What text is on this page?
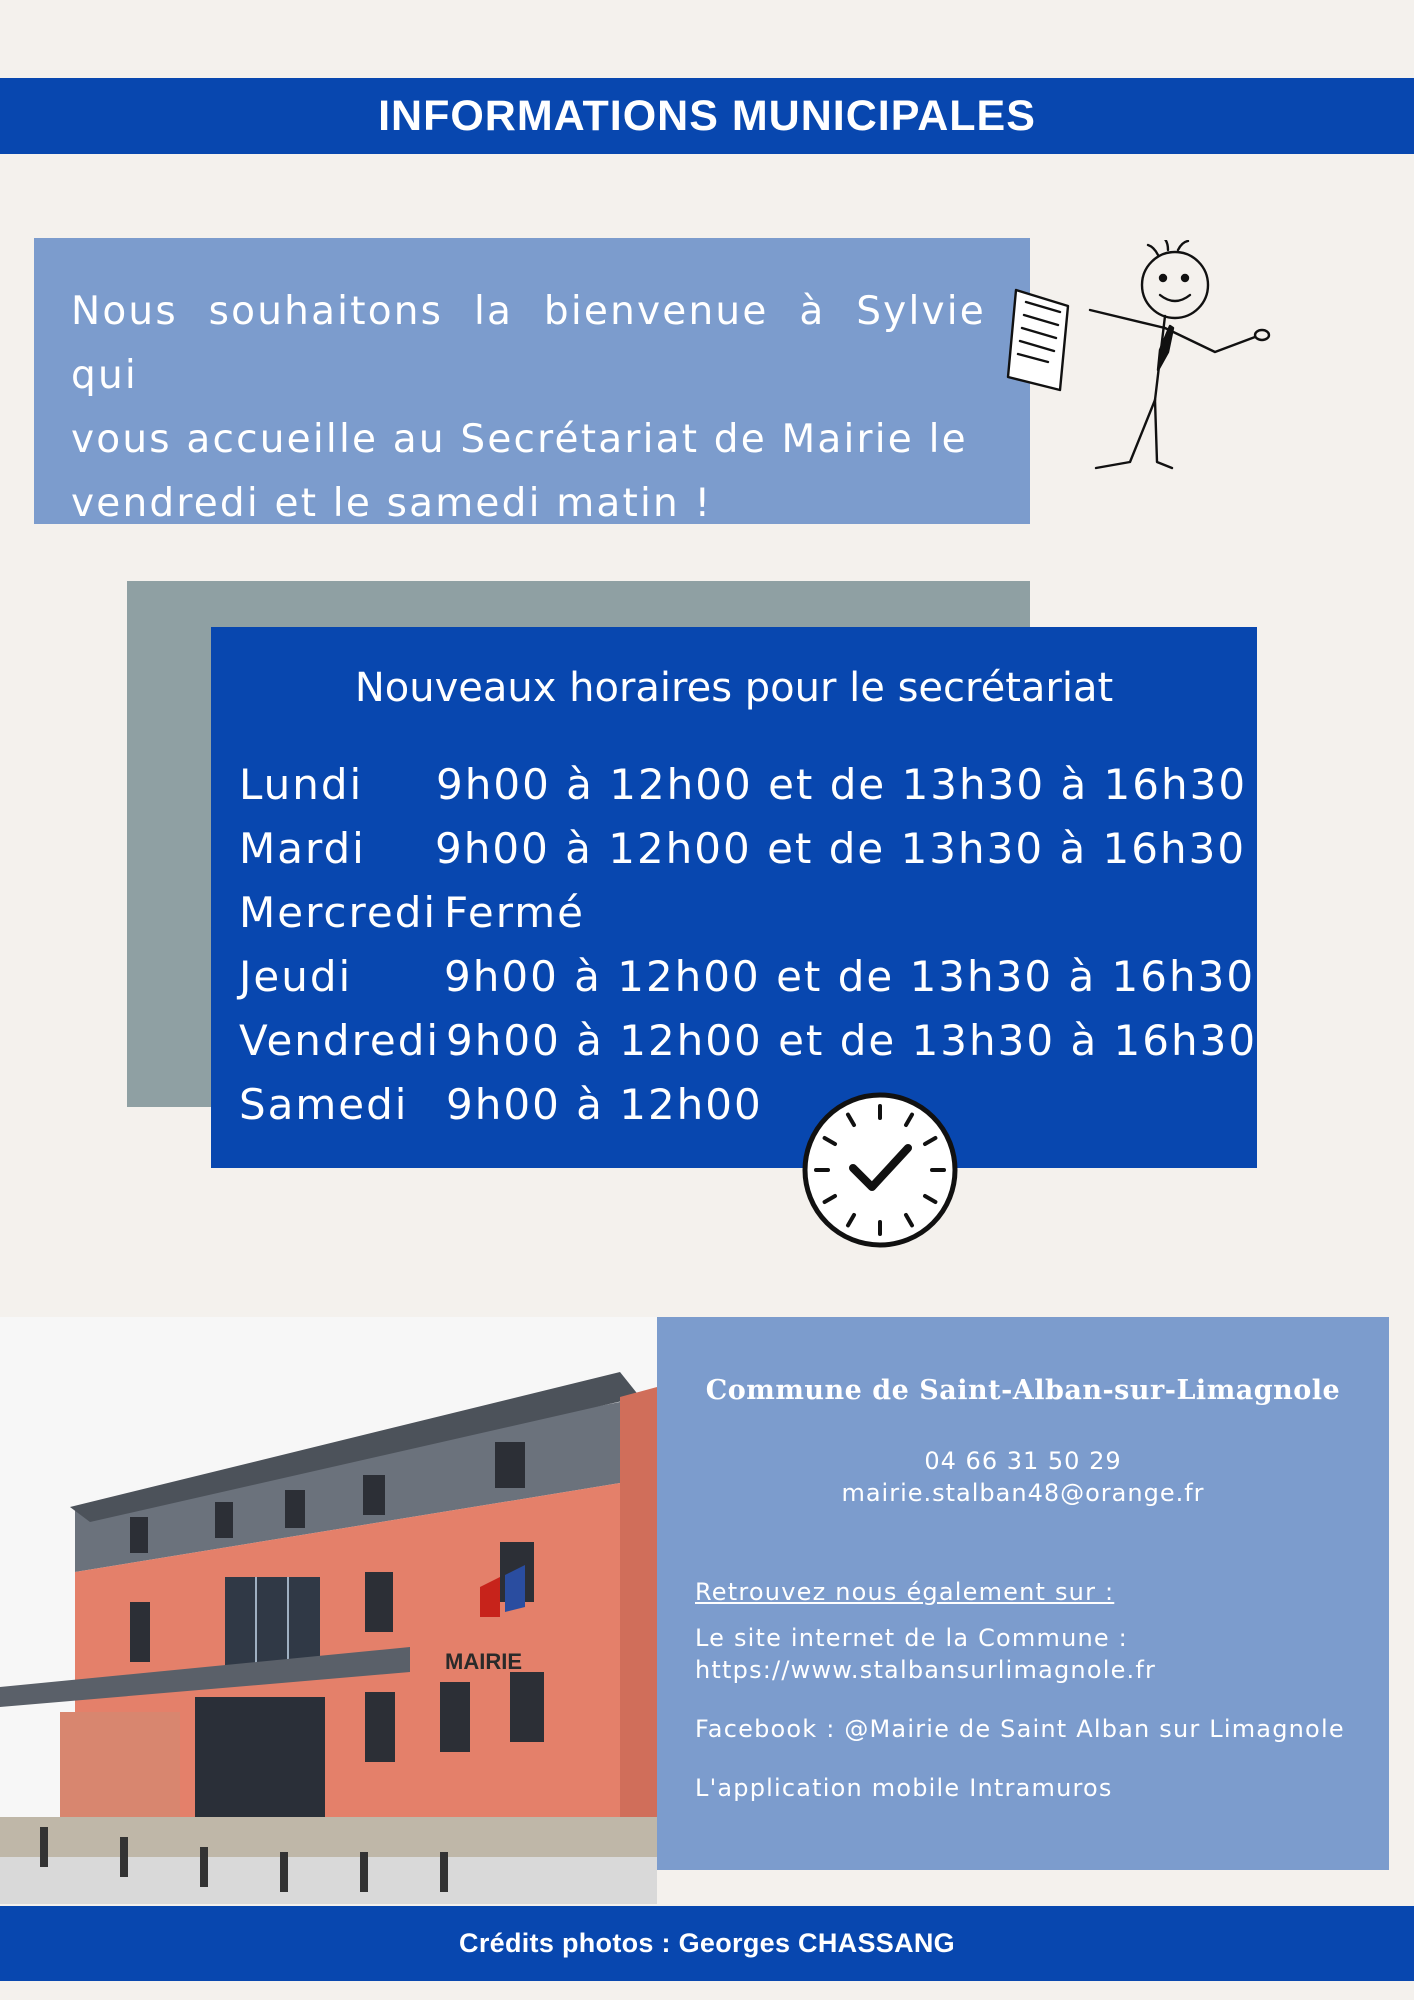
INFORMATIONS MUNICIPALES

Nous souhaitons la bienvenue à Sylvie qui
vous accueille au Secrétariat de Mairie le
vendredi et le samedi matin !

Nouveaux horaires pour le secrétariat
Lundi	9h00 à 12h00 et de 13h30 à 16h30
Mardi	9h00 à 12h00 et de 13h30 à 16h30
Mercredi Fermé
Jeudi	9h00 à 12h00 et de 13h30 à 16h30
Vendredi 9h00 à 12h00 et de 13h30 à 16h30
Samedi 9h00 à 12h00
MAIRIE
Commune de Saint-Alban-sur-Limagnole
04 66 31 50 29
mairie.stalban48@orange.fr
Retrouvez nous également sur :
Le site internet de la Commune :
https://www.stalbansurlimagnole.fr
Facebook : @Mairie de Saint Alban sur Limagnole
L'application mobile Intramuros
Crédits photos : Georges CHASSANG
